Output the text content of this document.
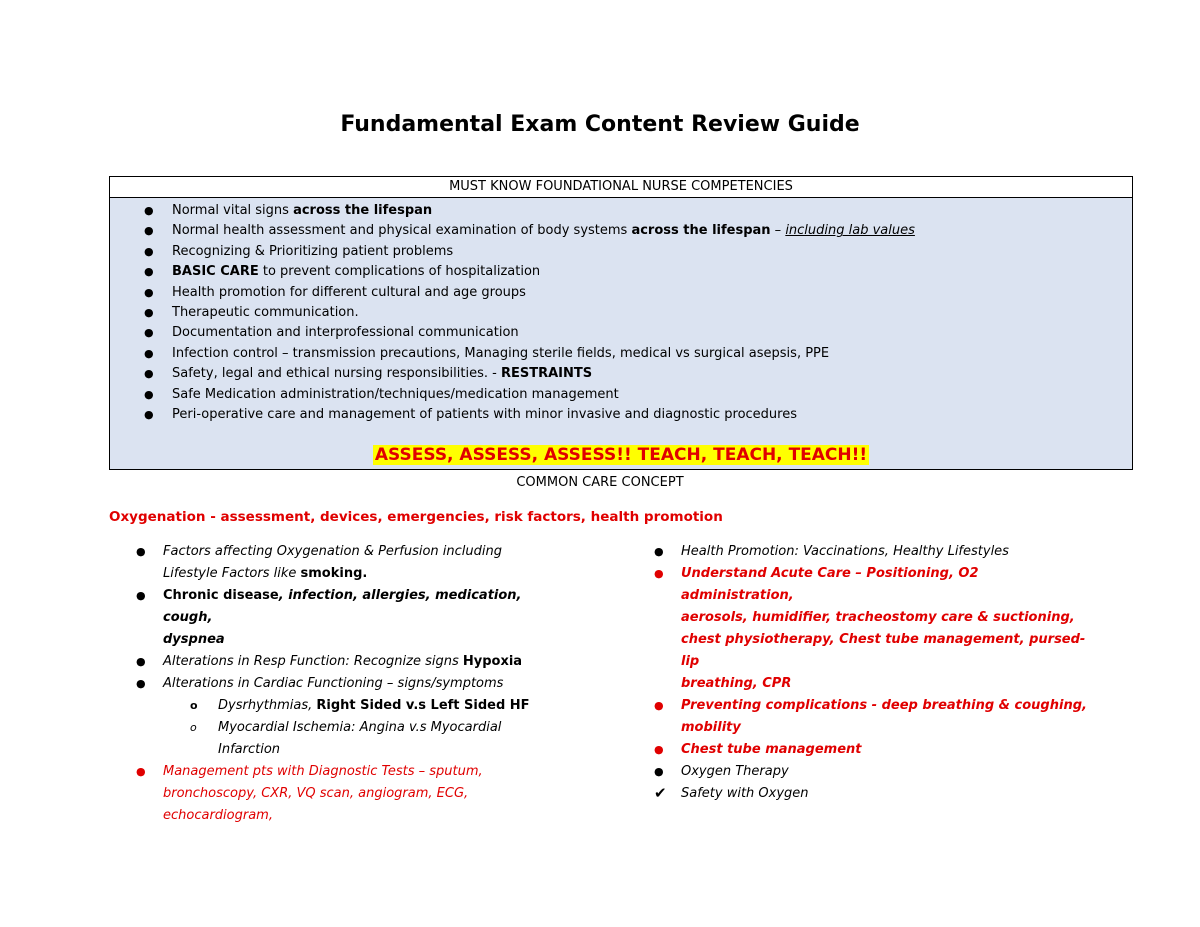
Fundamental Exam Content Review Guide
MUST KNOW FOUNDATIONAL NURSE COMPETENCIES
● Normal vital signs across the lifespan
● Normal health assessment and physical examination of body systems across the lifespan – including lab values
● Recognizing & Prioritizing patient problems
● BASIC CARE to prevent complications of hospitalization
● Health promotion for different cultural and age groups
● Therapeutic communication.
● Documentation and interprofessional communication
● Infection control – transmission precautions, Managing sterile fields, medical vs surgical asepsis, PPE
● Safety, legal and ethical nursing responsibilities. - RESTRAINTS
● Safe Medication administration/techniques/medication management
● Peri-operative care and management of patients with minor invasive and diagnostic procedures
ASSESS, ASSESS, ASSESS!! TEACH, TEACH, TEACH!!
COMMON CARE CONCEPT
Oxygenation - assessment, devices, emergencies, risk factors, health promotion
● Factors affecting Oxygenation & Perfusion including
Lifestyle Factors like smoking.
● Chronic disease, infection, allergies, medication, cough,
dyspnea
● Alterations in Resp Function: Recognize signs Hypoxia
● Alterations in Cardiac Functioning – signs/symptoms
o Dysrhythmias, Right Sided v.s Left Sided HF
o Myocardial Ischemia: Angina v.s Myocardial
Infarction
● Management pts with Diagnostic Tests – sputum,
bronchoscopy, CXR, VQ scan, angiogram, ECG,
echocardiogram,
● Health Promotion: Vaccinations, Healthy Lifestyles
● Understand Acute Care – Positioning, O2 administration,
aerosols, humidifier, tracheostomy care & suctioning,
chest physiotherapy, Chest tube management, pursed-lip
breathing, CPR
● Preventing complications - deep breathing & coughing,
mobility
● Chest tube management
● Oxygen Therapy
✔ Safety with Oxygen
